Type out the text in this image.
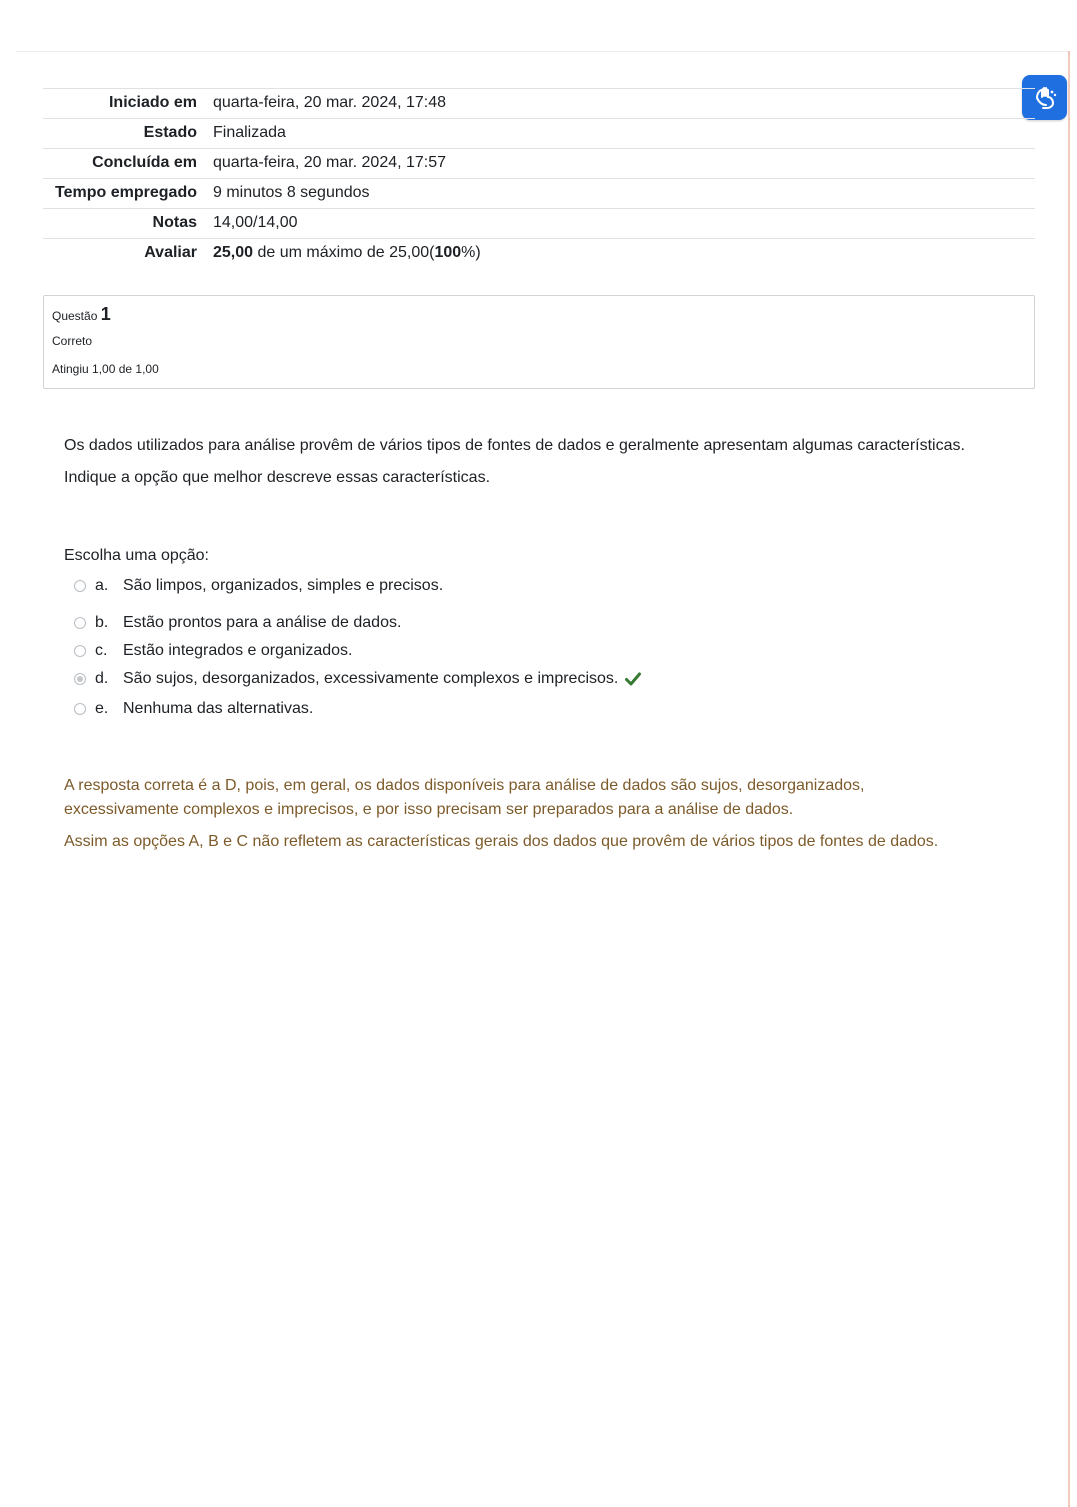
Iniciado em	quarta-feira, 20 mar. 2024, 17:48
Estado	Finalizada
Concluída em	quarta-feira, 20 mar. 2024, 17:57
Tempo empregado	9 minutos 8 segundos
Notas	14,00/14,00
Avaliar	25,00 de um máximo de 25,00(100%)
Questão 1
Correto
Atingiu 1,00 de 1,00
Os dados utilizados para análise provêm de vários tipos de fontes de dados e geralmente apresentam algumas características.
Indique a opção que melhor descreve essas características.
Escolha uma opção:
a. São limpos, organizados, simples e precisos.
b. Estão prontos para a análise de dados.
c. Estão integrados e organizados.
d. São sujos, desorganizados, excessivamente complexos e imprecisos.
e. Nenhuma das alternativas.

A resposta correta é a D, pois, em geral, os dados disponíveis para análise de dados são sujos, desorganizados, excessivamente complexos e imprecisos, e por isso precisam ser preparados para a análise de dados.

Assim as opções A, B e C não refletem as características gerais dos dados que provêm de vários tipos de fontes de dados.
